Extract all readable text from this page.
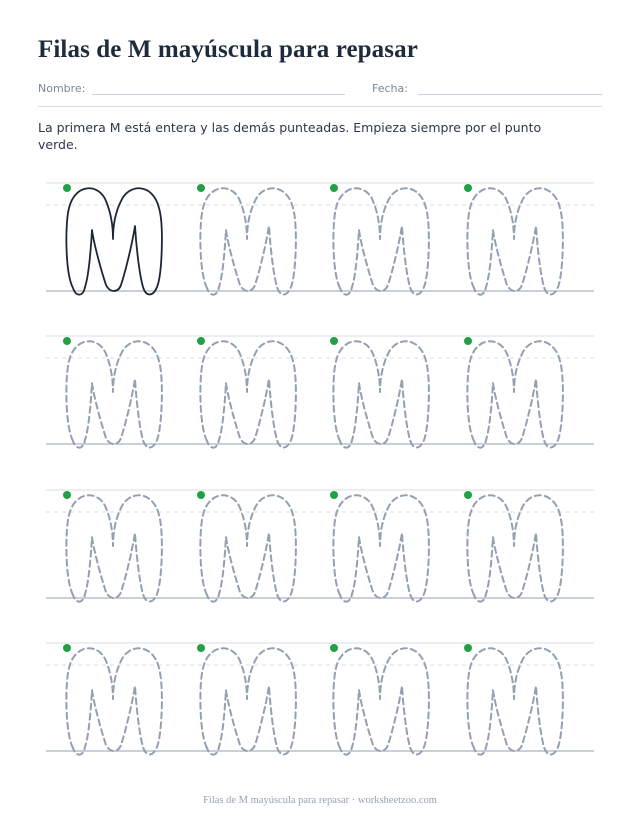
Filas de M mayúscula para repasar
Nombre:	Fecha:

La primera M está entera y las demás punteadas. Empieza siempre por el punto verde.

Filas de M mayúscula para repasar · worksheetzoo.com
